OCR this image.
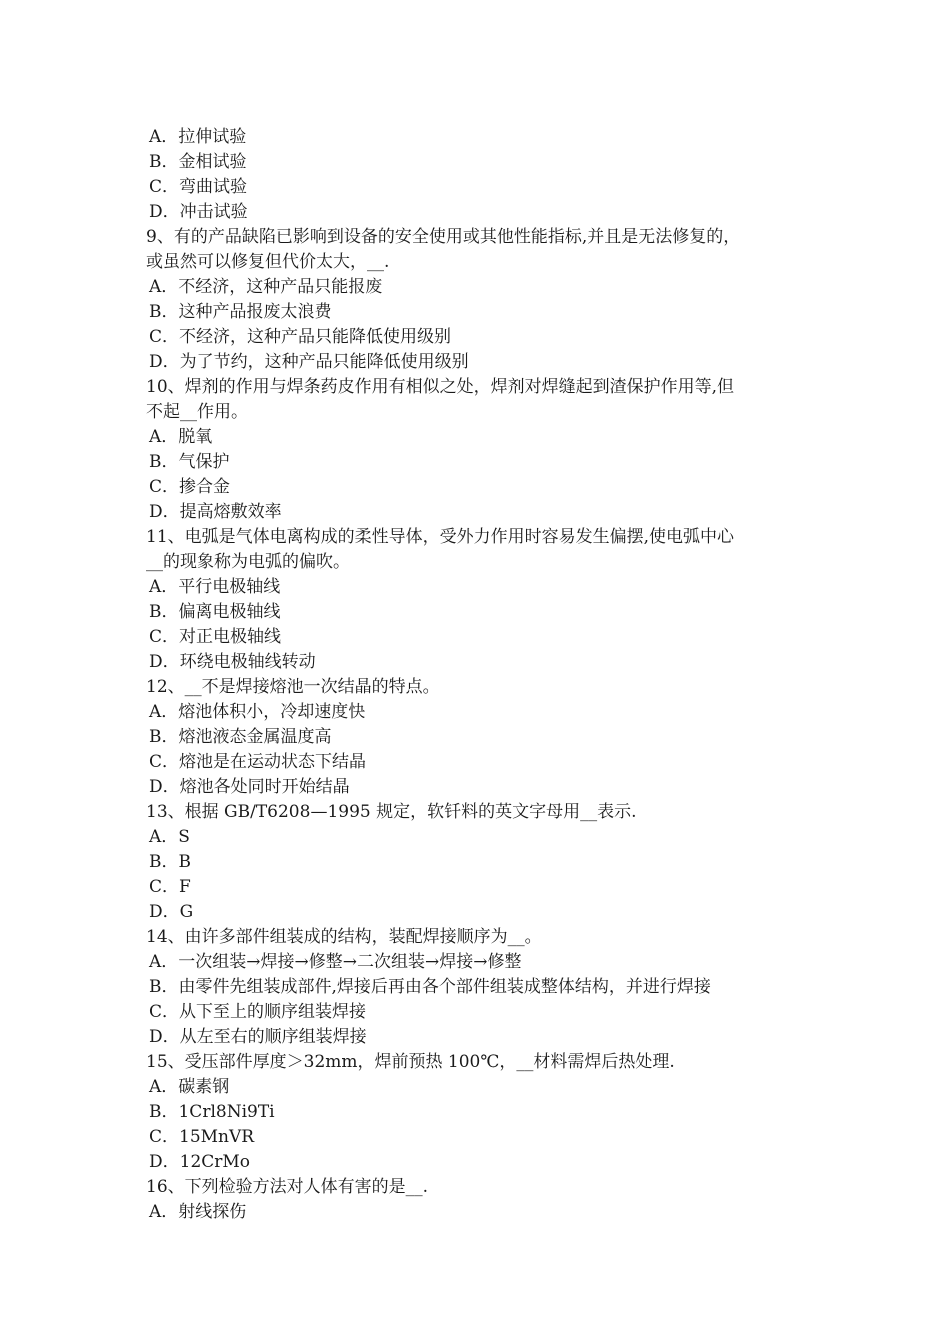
A．拉伸试验
B．金相试验
C．弯曲试验
D．冲击试验
9、有的产品缺陷已影响到设备的安全使用或其他性能指标,并且是无法修复的，
或虽然可以修复但代价太大，__.
A．不经济，这种产品只能报废
B．这种产品报废太浪费
C．不经济，这种产品只能降低使用级别
D．为了节约，这种产品只能降低使用级别
10、焊剂的作用与焊条药皮作用有相似之处，焊剂对焊缝起到渣保护作用等,但
不起__作用。
A．脱氧
B．气保护
C．掺合金
D．提高熔敷效率
11、电弧是气体电离构成的柔性导体，受外力作用时容易发生偏摆,使电弧中心
__的现象称为电弧的偏吹。
A．平行电极轴线
B．偏离电极轴线
C．对正电极轴线
D．环绕电极轴线转动
12、__不是焊接熔池一次结晶的特点。
A．熔池体积小，冷却速度快
B．熔池液态金属温度高
C．熔池是在运动状态下结晶
D．熔池各处同时开始结晶
13、根据 GB/T6208—1995 规定，软钎料的英文字母用__表示.
A．S
B．B
C．F
D．G
14、由许多部件组装成的结构，装配焊接顺序为__。
A．一次组装→焊接→修整→二次组装→焊接→修整
B．由零件先组装成部件,焊接后再由各个部件组装成整体结构，并进行焊接
C．从下至上的顺序组装焊接
D．从左至右的顺序组装焊接
15、受压部件厚度＞32mm，焊前预热 100℃，__材料需焊后热处理.
A．碳素钢
B．1Crl8Ni9Ti
C．15MnVR
D．12CrMo
16、下列检验方法对人体有害的是__.
A．射线探伤
